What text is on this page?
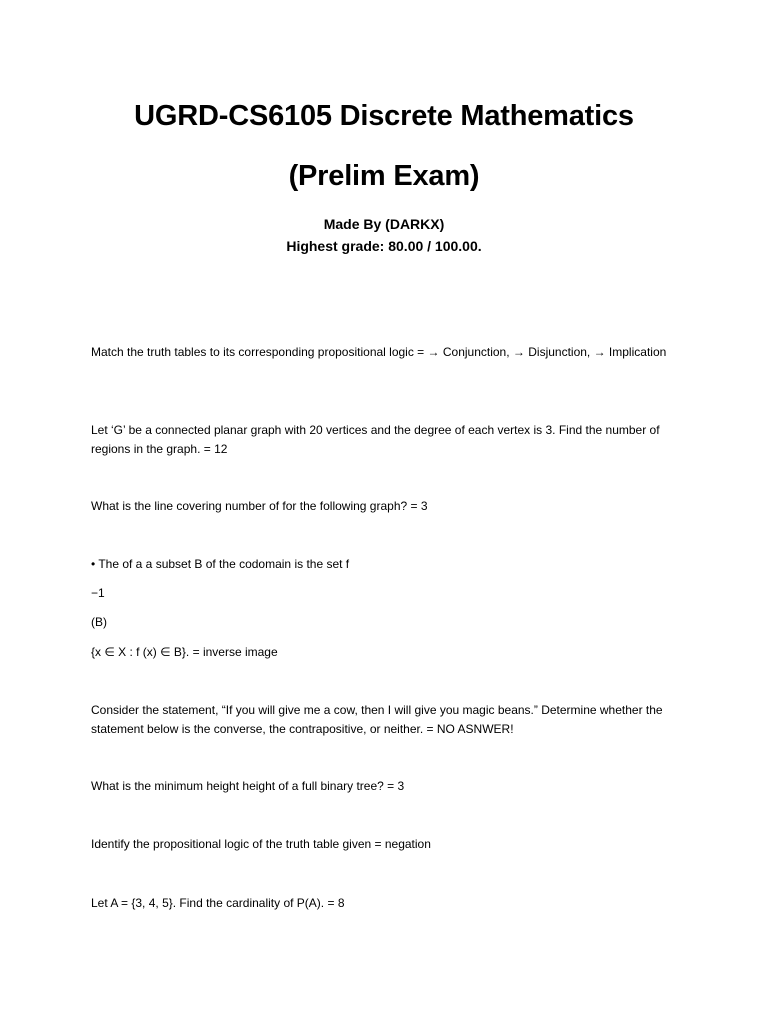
UGRD-CS6105 Discrete Mathematics
(Prelim Exam)

Made By (DARKX)

Highest grade: 80.00 / 100.00.

Match the truth tables to its corresponding propositional logic = → Conjunction, → Disjunction, → Implication

Let ‘G’ be a connected planar graph with 20 vertices and the degree of each vertex is 3. Find the number of regions in the graph. = 12

What is the line covering number of for the following graph? = 3

• The of a a subset B of the codomain is the set f

−1

(B)

{x ∈ X : f (x) ∈ B}. = inverse image

Consider the statement, “If you will give me a cow, then I will give you magic beans.” Determine whether the statement below is the converse, the contrapositive, or neither. = NO ASNWER!

What is the minimum height height of a full binary tree? = 3

Identify the propositional logic of the truth table given = negation

Let A = {3, 4, 5}. Find the cardinality of P(A). = 8
